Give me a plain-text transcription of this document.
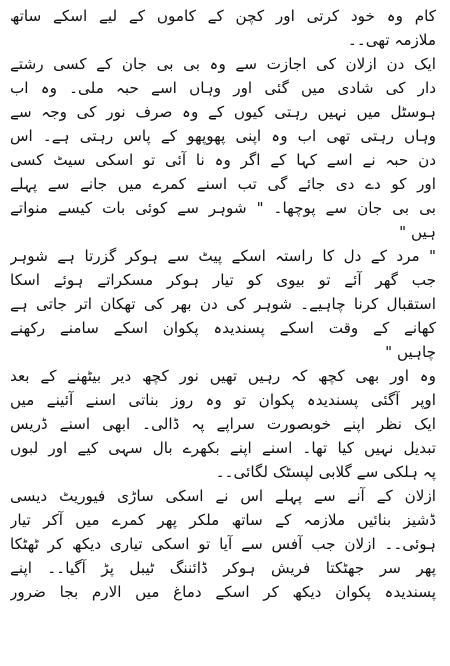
کام وہ خود کرتی اور کچن کے کاموں کے لیے اسکے ساتھ
ملازمہ تھی۔۔
ایک دن ازلان کی اجازت سے وہ بی بی جان کے کسی رشتے
دار کی شادی میں گئی اور وہاں اسے حبہ ملی۔ وہ اب
ہوسٹل میں نہیں رہتی کیوں کے وہ صرف نور کی وجہ سے
وہاں رہتی تھی اب وہ اپنی پھوپھو کے پاس رہتی ہے۔ اس
دن حبہ نے اسے کہا کے اگر وہ نا آئی تو اسکی سیٹ کسی
اور کو دے دی جائے گی تب اسنے کمرے میں جانے سے پہلے
بی بی جان سے پوچھا۔ " شوہر سے کوئی بات کیسے منواتے
ہیں "
" مرد کے دل کا راستہ اسکے پیٹ سے ہوکر گزرتا ہے شوہر
جب گھر آئے تو بیوی کو تیار ہوکر مسکراتے ہوئے اسکا
استقبال کرنا چاہیے۔ شوہر کی دن بھر کی تھکان اتر جاتی ہے
کھانے کے وقت اسکے پسندیدہ پکوان اسکے سامنے رکھنے
چاہیں "
وہ اور بھی کچھ کہ رہیں تھیں نور کچھ دیر بیٹھنے کے بعد
اوپر آگئی پسندیدہ پکوان تو وہ روز بناتی اسنے آئینے میں
ایک نظر اپنے خوبصورت سراپے پہ ڈالی۔ ابھی اسنے ڈریس
تبدیل نہیں کیا تھا۔ اسنے اپنے بکھرے بال سہی کیے اور لبوں
پہ ہلکی سے گلابی لپسٹک لگائی۔۔
ازلان کے آنے سے پہلے اس نے اسکی ساڑی فیوریٹ دیسی
ڈشیز بنائیں ملازمہ کے ساتھ ملکر پھر کمرے میں آکر تیار
ہوئی۔۔ ازلان جب آفس سے آیا تو اسکی تیاری دیکھ کر ٹھٹکا
پھر سر جھٹکتا فریش ہوکر ڈائننگ ٹیبل پڑ آگیا۔۔ اپنے
پسندیدہ پکوان دیکھ کر اسکے دماغ میں الارم بجا ضرور
